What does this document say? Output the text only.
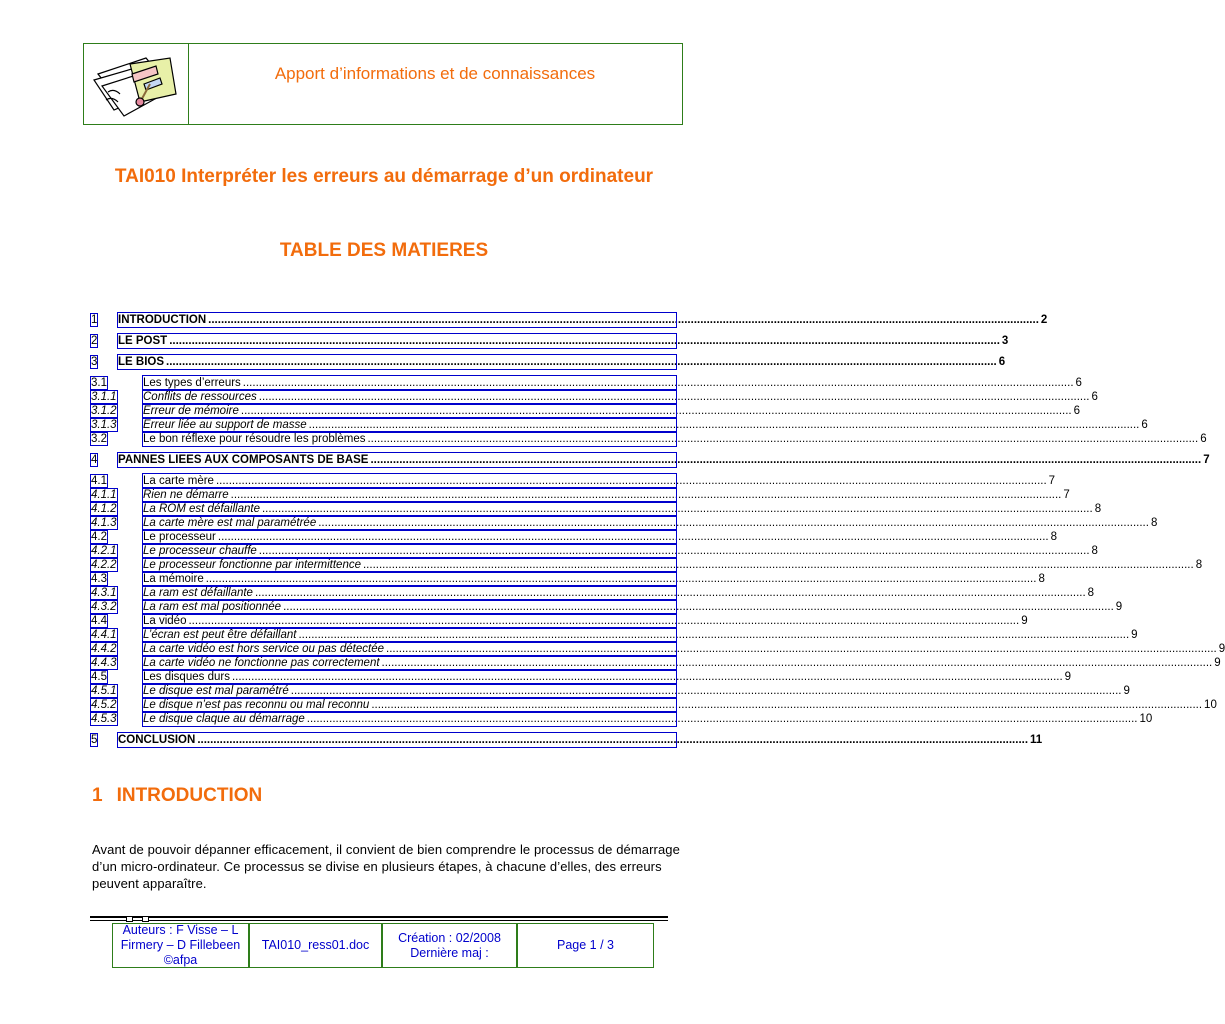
Apport d’informations et de connaissances
TAI010 Interpréter les erreurs au démarrage d’un ordinateur
TABLE DES MATIERES
1	INTRODUCTION .................................................................................................................................................................................................................................................................... 2
2	LE POST .................................................................................................................................................................................................................................................................... 3
3	LE BIOS .................................................................................................................................................................................................................................................................... 6
3.1	Les types d’erreurs .................................................................................................................................................................................................................................................................... 6
3.1.1 Conflits de ressources .................................................................................................................................................................................................................................................................... 6
3.1.2 Erreur de mémoire .................................................................................................................................................................................................................................................................... 6
3.1.3 Erreur liée au support de masse .................................................................................................................................................................................................................................................................... 6
3.2	Le bon réflexe pour résoudre les problèmes .................................................................................................................................................................................................................................................................... 6
4	PANNES LIEES AUX COMPOSANTS DE BASE .................................................................................................................................................................................................................................................................... 7
4.1	La carte mère .................................................................................................................................................................................................................................................................... 7
4.1.1 Rien ne démarre .................................................................................................................................................................................................................................................................... 7
4.1.2 La ROM est défaillante .................................................................................................................................................................................................................................................................... 8
4.1.3 La carte mère est mal paramétrée .................................................................................................................................................................................................................................................................... 8
4.2	Le processeur .................................................................................................................................................................................................................................................................... 8
4.2.1 Le processeur chauffe .................................................................................................................................................................................................................................................................... 8
4.2.2 Le processeur fonctionne par intermittence .................................................................................................................................................................................................................................................................... 8
4.3	La mémoire .................................................................................................................................................................................................................................................................... 8
4.3.1 La ram est défaillante .................................................................................................................................................................................................................................................................... 8
4.3.2 La ram est mal positionnée .................................................................................................................................................................................................................................................................... 9
4.4	La vidéo .................................................................................................................................................................................................................................................................... 9
4.4.1 L’écran est peut être défaillant .................................................................................................................................................................................................................................................................... 9
4.4.2 La carte vidéo est hors service ou pas détectée .................................................................................................................................................................................................................................................................... 9
4.4.3 La carte vidéo ne fonctionne pas correctement .................................................................................................................................................................................................................................................................... 9
4.5	Les disques durs .................................................................................................................................................................................................................................................................... 9
4.5.1 Le disque est mal paramétré .................................................................................................................................................................................................................................................................... 9
4.5.2 Le disque n’est pas reconnu ou mal reconnu .................................................................................................................................................................................................................................................................... 10
4.5.3 Le disque claque au démarrage .................................................................................................................................................................................................................................................................... 10
5	CONCLUSION .................................................................................................................................................................................................................................................................... 11
1 INTRODUCTION
Avant de pouvoir dépanner efficacement, il convient de bien comprendre le processus de démarrage d’un micro-ordinateur. Ce processus se divise en plusieurs étapes, à chacune d’elles, des erreurs peuvent apparaître.
Auteurs : F Visse – L Firmery – D Fillebeen ©afpa
TAI010_ress01.doc
Création : 02/2008 Dernière maj :
Page 1 / 3
